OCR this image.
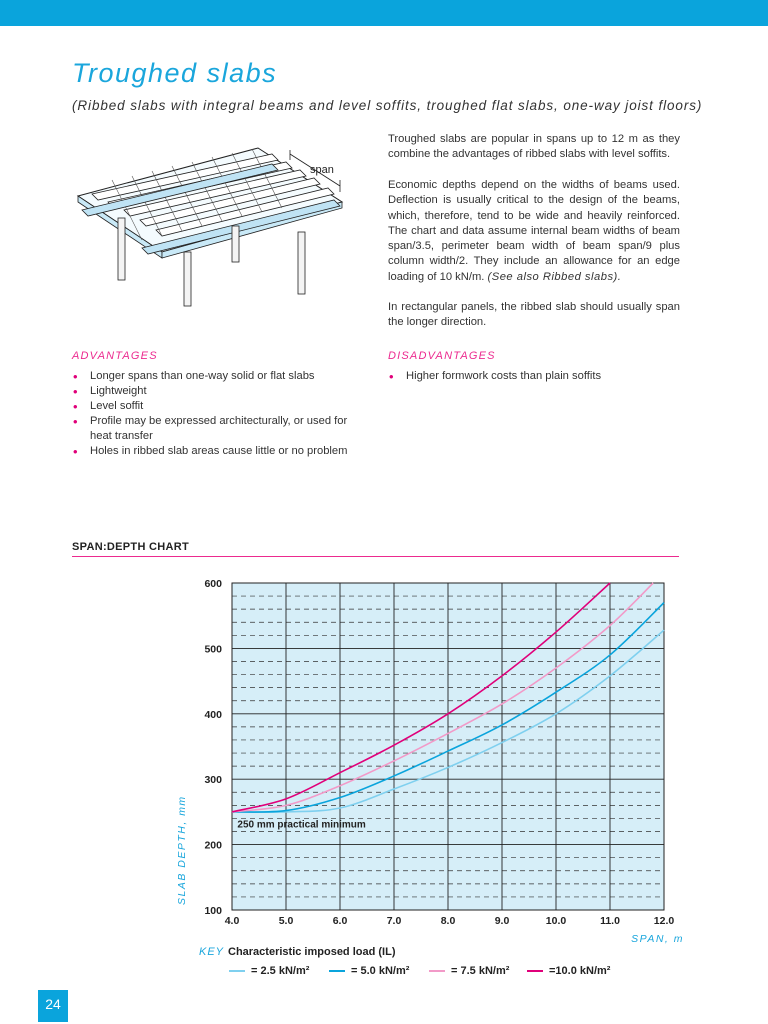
Troughed slabs
(Ribbed slabs with integral beams and level soffits, troughed flat slabs, one-way joist floors)
span

Troughed slabs are popular in spans up to 12 m as they combine the advantages of ribbed slabs with level soffits.

Economic depths depend on the widths of beams used. Deflection is usually critical to the design of the beams, which, therefore, tend to be wide and heavily reinforced. The chart and data assume internal beam widths of beam span/3.5, perimeter beam width of beam span/9 plus column width/2. They include an allowance for an edge loading of 10 kN/m. (See also Ribbed slabs).

In rectangular panels, the ribbed slab should usually span the longer direction.

ADVANTAGES
• Longer spans than one-way solid or flat slabs
• Lightweight
• Level soffit
• Profile may be expressed architecturally, or used for heat transfer
• Holes in ribbed slab areas cause little or no problem
DISADVANTAGES
• Higher formwork costs than plain soffits
SPAN:DEPTH CHART
250 mm practical minimum
100
200
300
400
500
600
4.0	5.0	6.0	7.0	8.0	9.0	10.0	11.0	12.0
SLAB DEPTH, mm
SPAN, m
KEY Characteristic imposed load (IL)
= 2.5 kN/m²	= 5.0 kN/m²	= 7.5 kN/m²	=10.0 kN/m²
24
